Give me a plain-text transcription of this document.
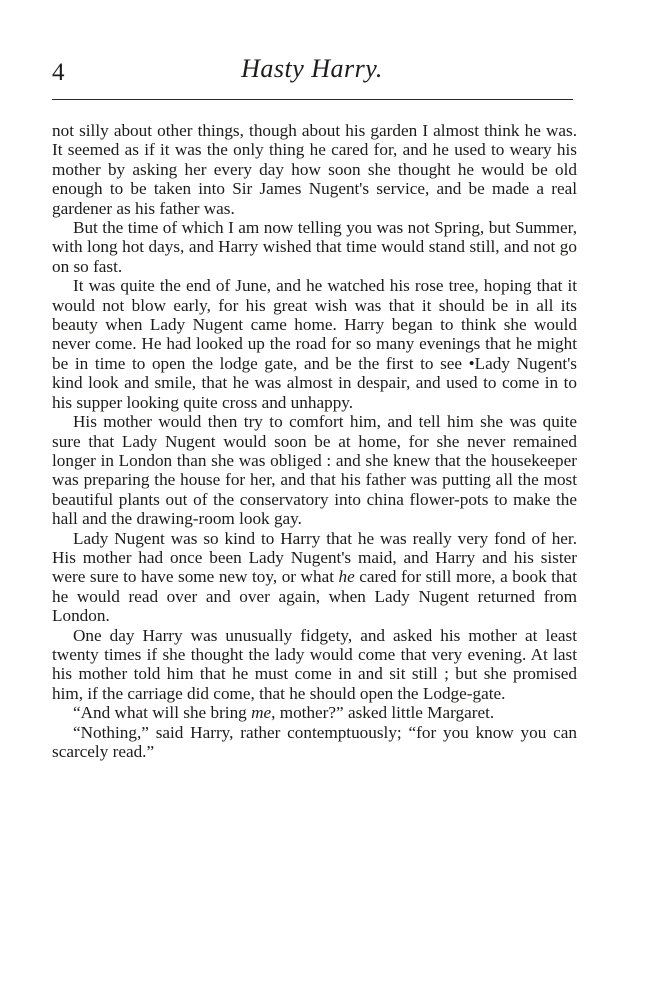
4	Hasty Harry.

not silly about other things, though about his garden I almost think he was. It seemed as if it was the only thing he cared for, and he used to weary his mother by asking her every day how soon she thought he would be old enough to be taken into Sir James Nugent's service, and be made a real gardener as his father was.

But the time of which I am now telling you was not Spring, but Summer, with long hot days, and Harry wished that time would stand still, and not go on so fast.

It was quite the end of June, and he watched his rose tree, hoping that it would not blow early, for his great wish was that it should be in all its beauty when Lady Nugent came home. Harry began to think she would never come. He had looked up the road for so many evenings that he might be in time to open the lodge gate, and be the first to see •Lady Nugent's kind look and smile, that he was almost in despair, and used to come in to his supper looking quite cross and unhappy.

His mother would then try to comfort him, and tell him she was quite sure that Lady Nugent would soon be at home, for she never remained longer in London than she was obliged : and she knew that the housekeeper was preparing the house for her, and that his father was putting all the most beautiful plants out of the conservatory into china flower-pots to make the hall and the drawing-room look gay.

Lady Nugent was so kind to Harry that he was really very fond of her. His mother had once been Lady Nugent's maid, and Harry and his sister were sure to have some new toy, or what he cared for still more, a book that he would read over and over again, when Lady Nugent returned from London.

One day Harry was unusually fidgety, and asked his mother at least twenty times if she thought the lady would come that very evening. At last his mother told him that he must come in and sit still ; but she promised him, if the carriage did come, that he should open the Lodge-gate.

“And what will she bring me, mother?” asked little Margaret.

“Nothing,” said Harry, rather contemptuously; “for you know you can scarcely read.”
